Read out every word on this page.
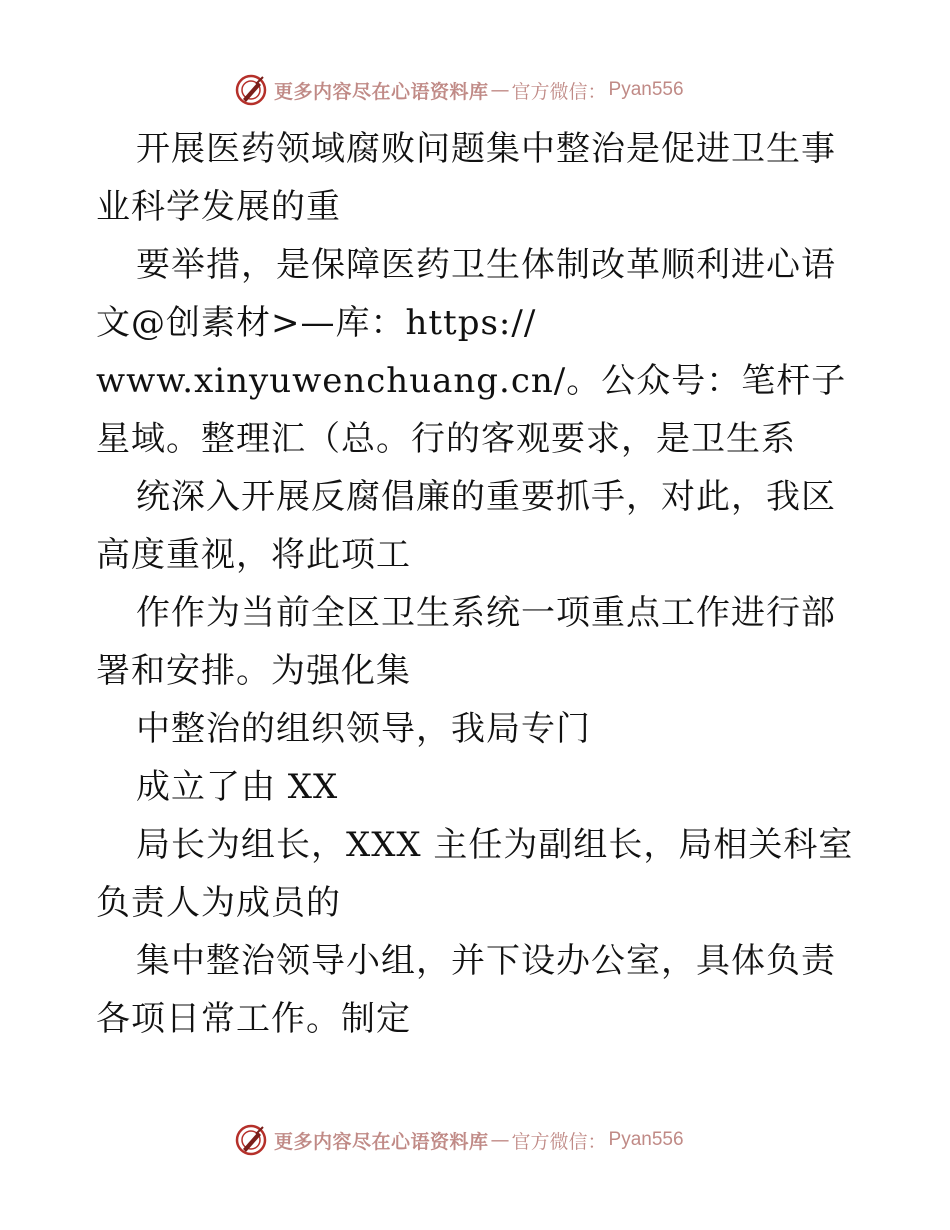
更多内容尽在心语资料库 — 官方微信： Pyan556

开展医药领域腐败问题集中整治是促进卫生事业科学发展的重

要举措，是保障医药卫生体制改革顺利进心语文@创素材>—库：https://

www.xinyuwenchuang.cn/。公众号：笔杆子星域。整理汇（总。行的客观要求，是卫生系

统深入开展反腐倡廉的重要抓手，对此，我区高度重视，将此项工

作作为当前全区卫生系统一项重点工作进行部署和安排。为强化集

中整治的组织领导，我局专门

成立了由 XX

局长为组长，XXX 主任为副组长，局相关科室负责人为成员的

集中整治领导小组，并下设办公室，具体负责各项日常工作。制定

更多内容尽在心语资料库 — 官方微信： Pyan556
